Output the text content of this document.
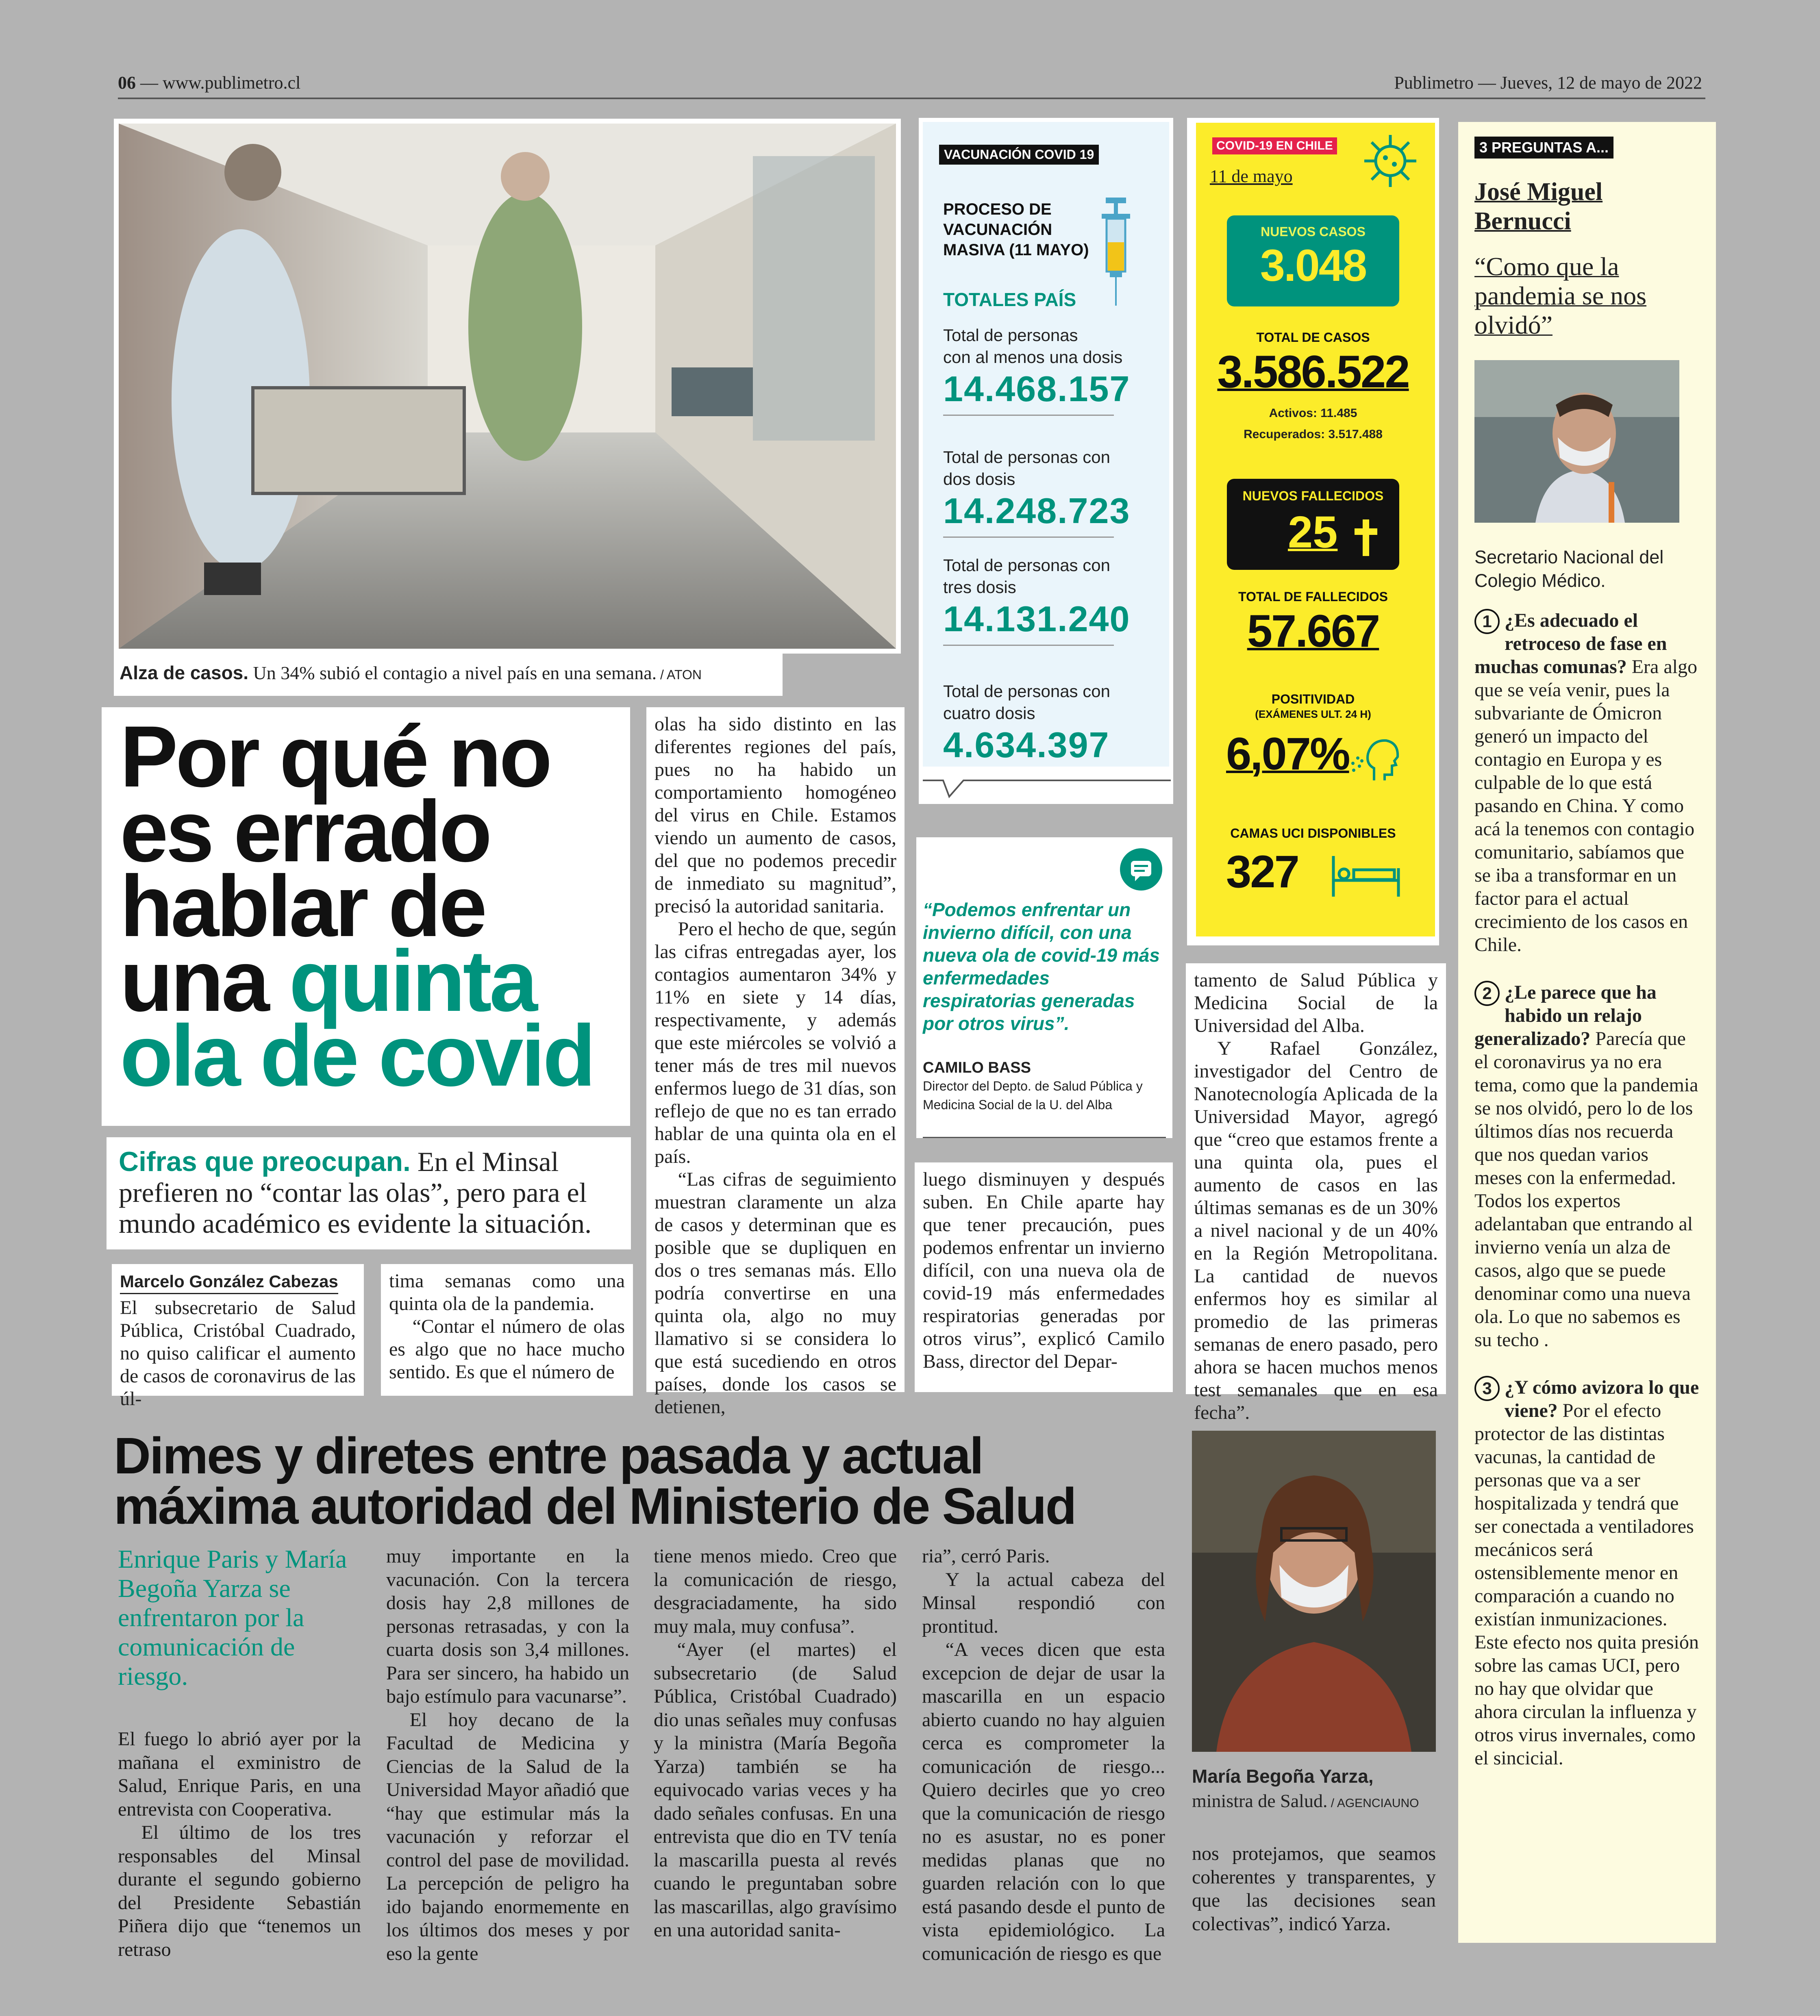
06 — www.publimetro.cl	Publimetro — Jueves, 12 de mayo de 2022
Alza de casos. Un 34% subió el contagio a nivel país en una semana. / ATON
Por qué no
es errado
hablar de
una quinta
ola de covid
Cifras que preocupan. En el Minsal prefieren no “contar las olas”, pero para el mundo académico es evidente la situación.
Marcelo González Cabezas

El subsecretario de Salud Pública, Cristóbal Cuadrado, no quiso calificar el aumento de casos de coronavirus de las úl-

tima semanas como una quinta ola de la pandemia.

“Contar el número de olas es algo que no hace mucho sentido. Es que el número de

olas ha sido distinto en las diferentes regiones del país, pues no ha habido un comportamiento homogéneo del virus en Chile. Estamos viendo un aumento de casos, del que no podemos precedir de inmediato su magnitud”, precisó la autoridad sanitaria.

Pero el hecho de que, según las cifras entregadas ayer, los contagios aumentaron 34% y 11% en siete y 14 días, respectivamente, y además que este miércoles se volvió a tener más de tres mil nuevos enfermos luego de 31 días, son reflejo de que no es tan errado hablar de una quinta ola en el país.

“Las cifras de seguimiento muestran claramente un alza de casos y determinan que es posible que se dupliquen en dos o tres semanas más. Ello podría convertirse en una quinta ola, algo no muy llamativo si se considera lo que está sucediendo en otros países, donde los casos se detienen,

luego disminuyen y después suben. En Chile aparte hay que tener precaución, pues podemos enfrentar un invierno difícil, con una nueva ola de covid-19 más enfermedades respiratorias generadas por otros virus”, explicó Camilo Bass, director del Depar-

tamento de Salud Pública y Medicina Social de la Universidad del Alba.

Y Rafael González, investigador del Centro de Nanotecnología Aplicada de la Universidad Mayor, agregó que “creo que estamos frente a una quinta ola, pues el aumento de casos en las últimas semanas es de un 30% a nivel nacional y de un 40% en la Región Metropolitana. La cantidad de nuevos enfermos hoy es similar al promedio de las primeras semanas de enero pasado, pero ahora se hacen muchos menos test semanales que en esa fecha”.

VACUNACIÓN COVID 19
PROCESO DE
VACUNACIÓN
MASIVA (11 MAYO)
TOTALES PAÍS
Total de personas
con al menos una dosis
14.468.157
Total de personas con
dos dosis
14.248.723
Total de personas con
tres dosis
14.131.240
Total de personas con
cuatro dosis
4.634.397
“Podemos enfrentar un invierno difícil, con una nueva ola de covid-19 más enfermedades respiratorias generadas por otros virus”.
CAMILO BASS
Director del Depto. de Salud Pública y Medicina Social de la U. del Alba
COVID-19 EN CHILE
11 de mayo
NUEVOS CASOS
3.048
TOTAL DE CASOS
3.586.522
Activos: 11.485
Recuperados: 3.517.488
NUEVOS FALLECIDOS
25
TOTAL DE FALLECIDOS
57.667
POSITIVIDAD
(EXÁMENES ULT. 24 H)
6,07%
CAMAS UCI DISPONIBLES
327
3 PREGUNTAS A...
José Miguel
Bernucci
“Como que la pandemia se nos olvidó”
Secretario Nacional del Colegio Médico.
1 ¿Es adecuado el retroceso de fase en muchas comunas? Era algo que se veía venir, pues la subvariante de Ómicron generó un impacto del contagio en Europa y es culpable de lo que está pasando en China. Y como acá la tenemos con contagio comunitario, sabíamos que se iba a transformar en un factor para el actual crecimiento de los casos en Chile.
2 ¿Le parece que ha habido un relajo generalizado? Parecía que el coronavirus ya no era tema, como que la pandemia se nos olvidó, pero lo de los últimos días nos recuerda que nos quedan varios meses con la enfermedad. Todos los expertos adelantaban que entrando al invierno venía un alza de casos, algo que se puede denominar como una nueva ola. Lo que no sabemos es su techo .
3 ¿Y cómo avizora lo que viene? Por el efecto protector de las distintas vacunas, la cantidad de personas que va a ser hospitalizada y tendrá que ser conectada a ventiladores mecánicos será ostensiblemente menor en comparación a cuando no existían inmunizaciones. Este efecto nos quita presión sobre las camas UCI, pero no hay que olvidar que ahora circulan la influenza y otros virus invernales, como el sincicial.
Dimes y diretes entre pasada y actual
máxima autoridad del Ministerio de Salud
Enrique Paris y María Begoña Yarza se enfrentaron por la comunicación de riesgo.

El fuego lo abrió ayer por la mañana el exministro de Salud, Enrique Paris, en una entrevista con Cooperativa.

El último de los tres responsables del Minsal durante el segundo gobierno del Presidente Sebastián Piñera dijo que “tenemos un retraso

muy importante en la vacunación. Con la tercera dosis hay 2,8 millones de personas retrasadas, y con la cuarta dosis son 3,4 millones. Para ser sincero, ha habido un bajo estímulo para vacunarse”.

El hoy decano de la Facultad de Medicina y Ciencias de la Salud de la Universidad Mayor añadió que “hay que estimular más la vacunación y reforzar el control del pase de movilidad. La percepción de peligro ha ido bajando enormemente en los últimos dos meses y por eso la gente

tiene menos miedo. Creo que la comunicación de riesgo, desgraciadamente, ha sido muy mala, muy confusa”.

“Ayer (el martes) el subsecretario (de Salud Pública, Cristóbal Cuadrado) dio unas señales muy confusas y la ministra (María Begoña Yarza) también se ha equivocado varias veces y ha dado señales confusas. En una entrevista que dio en TV tenía la mascarilla puesta al revés cuando le preguntaban sobre las mascarillas, algo gravísimo en una autoridad sanita-

ria”, cerró Paris.

Y la actual cabeza del Minsal respondió con prontitud.

“A veces dicen que esta excepcion de dejar de usar la mascarilla en un espacio abierto cuando no hay alguien cerca es comprometer la comunicación de riesgo... Quiero decirles que yo creo que la comunicación de riesgo no es asustar, no es poner medidas planas que no guarden relación con lo que está pasando desde el punto de vista epidemiológico. La comunicación de riesgo es que

nos protejamos, que seamos coherentes y transparentes, y que las decisiones sean colectivas”, indicó Yarza.

María Begoña Yarza, ministra de Salud. / AGENCIAUNO
